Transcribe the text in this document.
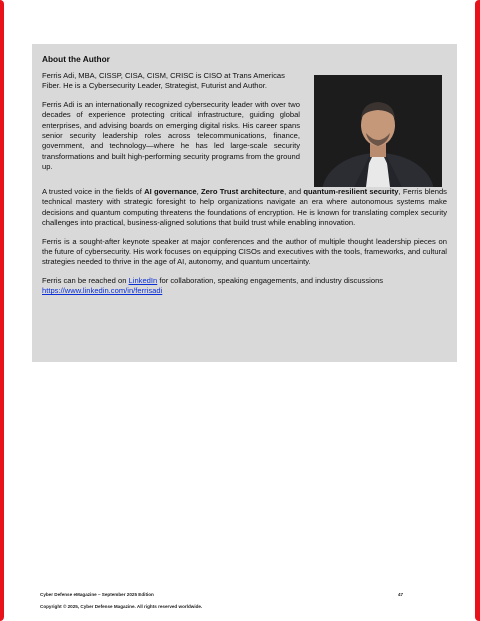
About the Author

Ferris Adi, MBA, CISSP, CISA, CISM, CRISC is CISO at Trans Americas Fiber. He is a Cybersecurity Leader, Strategist, Futurist and Author.

Ferris Adi is an internationally recognized cybersecurity leader with over two decades of experience protecting critical infrastructure, guiding global enterprises, and advising boards on emerging digital risks. His career spans senior security leadership roles across telecommunications, finance, government, and technology—where he has led large-scale security transformations and built high-performing security programs from the ground up.

A trusted voice in the fields of AI governance, Zero Trust architecture, and quantum-resilient security, Ferris blends technical mastery with strategic foresight to help organizations navigate an era where autonomous systems make decisions and quantum computing threatens the foundations of encryption. He is known for translating complex security challenges into practical, business-aligned solutions that build trust while enabling innovation.

Ferris is a sought-after keynote speaker at major conferences and the author of multiple thought leadership pieces on the future of cybersecurity. His work focuses on equipping CISOs and executives with the tools, frameworks, and cultural strategies needed to thrive in the age of AI, autonomy, and quantum uncertainty.

Ferris can be reached on LinkedIn for collaboration, speaking engagements, and industry discussions
https://www.linkedin.com/in/ferrisadi

Cyber Defense eMagazine – September 2025 Edition	47
Copyright © 2025, Cyber Defense Magazine. All rights reserved worldwide.
